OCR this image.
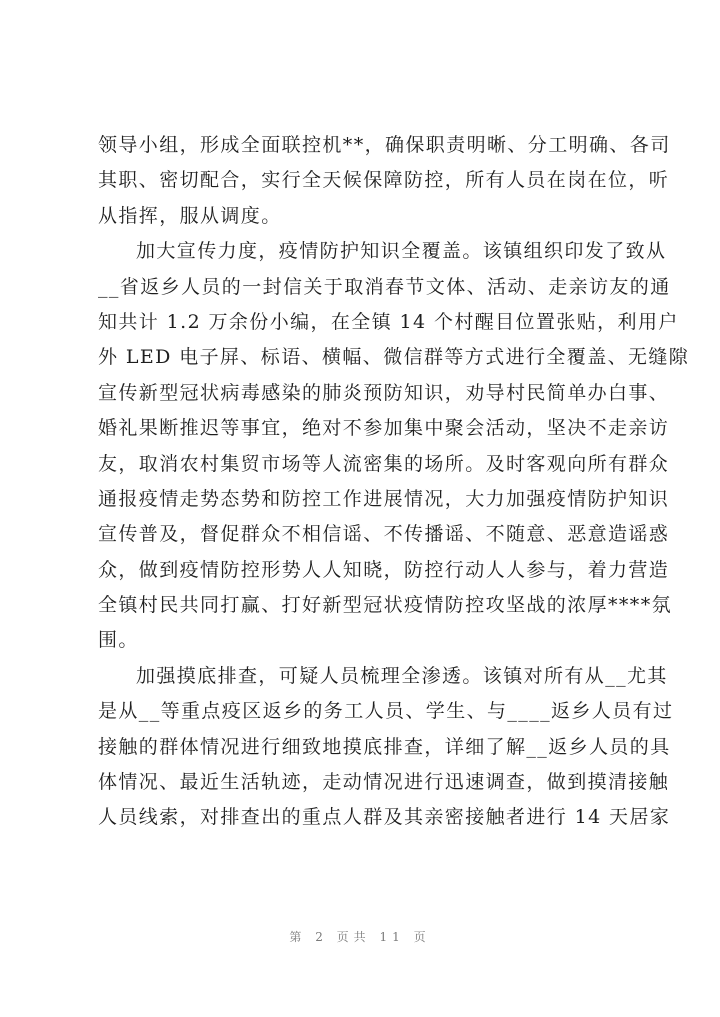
领导小组，形成全面联控机**，确保职责明晰、分工明确、各司
其职、密切配合，实行全天候保障防控，所有人员在岗在位，听
从指挥，服从调度。
加大宣传力度，疫情防护知识全覆盖。该镇组织印发了致从
__省返乡人员的一封信关于取消春节文体、活动、走亲访友的通
知共计 1.2 万余份小编，在全镇 14 个村醒目位置张贴，利用户
外 LED 电子屏、标语、横幅、微信群等方式进行全覆盖、无缝隙
宣传新型冠状病毒感染的肺炎预防知识，劝导村民简单办白事、
婚礼果断推迟等事宜，绝对不参加集中聚会活动，坚决不走亲访
友，取消农村集贸市场等人流密集的场所。及时客观向所有群众
通报疫情走势态势和防控工作进展情况，大力加强疫情防护知识
宣传普及，督促群众不相信谣、不传播谣、不随意、恶意造谣惑
众，做到疫情防控形势人人知晓，防控行动人人参与，着力营造
全镇村民共同打赢、打好新型冠状疫情防控攻坚战的浓厚****氛
围。
加强摸底排查，可疑人员梳理全渗透。该镇对所有从__尤其
是从__等重点疫区返乡的务工人员、学生、与____返乡人员有过
接触的群体情况进行细致地摸底排查，详细了解__返乡人员的具
体情况、最近生活轨迹，走动情况进行迅速调查，做到摸清接触
人员线索，对排查出的重点人群及其亲密接触者进行 14 天居家
第 2 页共 11 页
